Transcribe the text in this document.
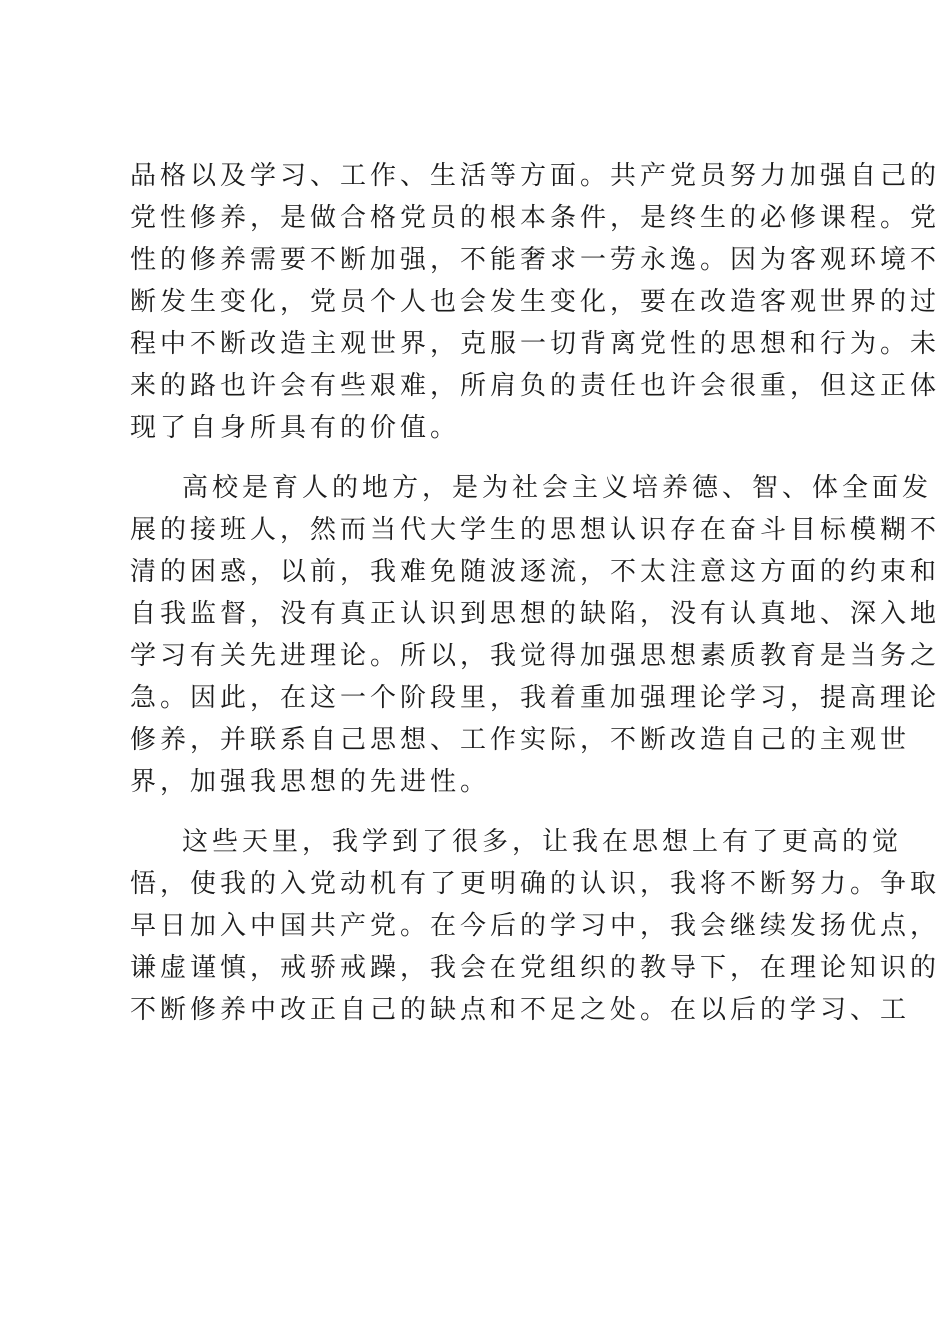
品格以及学习、工作、生活等方面。共产党员努力加强自己的
党性修养，是做合格党员的根本条件，是终生的必修课程。党
性的修养需要不断加强，不能奢求一劳永逸。因为客观环境不
断发生变化，党员个人也会发生变化，要在改造客观世界的过
程中不断改造主观世界，克服一切背离党性的思想和行为。未
来的路也许会有些艰难，所肩负的责任也许会很重，但这正体
现了自身所具有的价值。
高校是育人的地方，是为社会主义培养德、智、体全面发
展的接班人，然而当代大学生的思想认识存在奋斗目标模糊不
清的困惑，以前，我难免随波逐流，不太注意这方面的约束和
自我监督，没有真正认识到思想的缺陷，没有认真地、深入地
学习有关先进理论。所以，我觉得加强思想素质教育是当务之
急。因此，在这一个阶段里，我着重加强理论学习，提高理论
修养，并联系自己思想、工作实际，不断改造自己的主观世
界，加强我思想的先进性。
这些天里，我学到了很多，让我在思想上有了更高的觉
悟，使我的入党动机有了更明确的认识，我将不断努力。争取
早日加入中国共产党。在今后的学习中，我会继续发扬优点，
谦虚谨慎，戒骄戒躁，我会在党组织的教导下，在理论知识的
不断修养中改正自己的缺点和不足之处。在以后的学习、工
